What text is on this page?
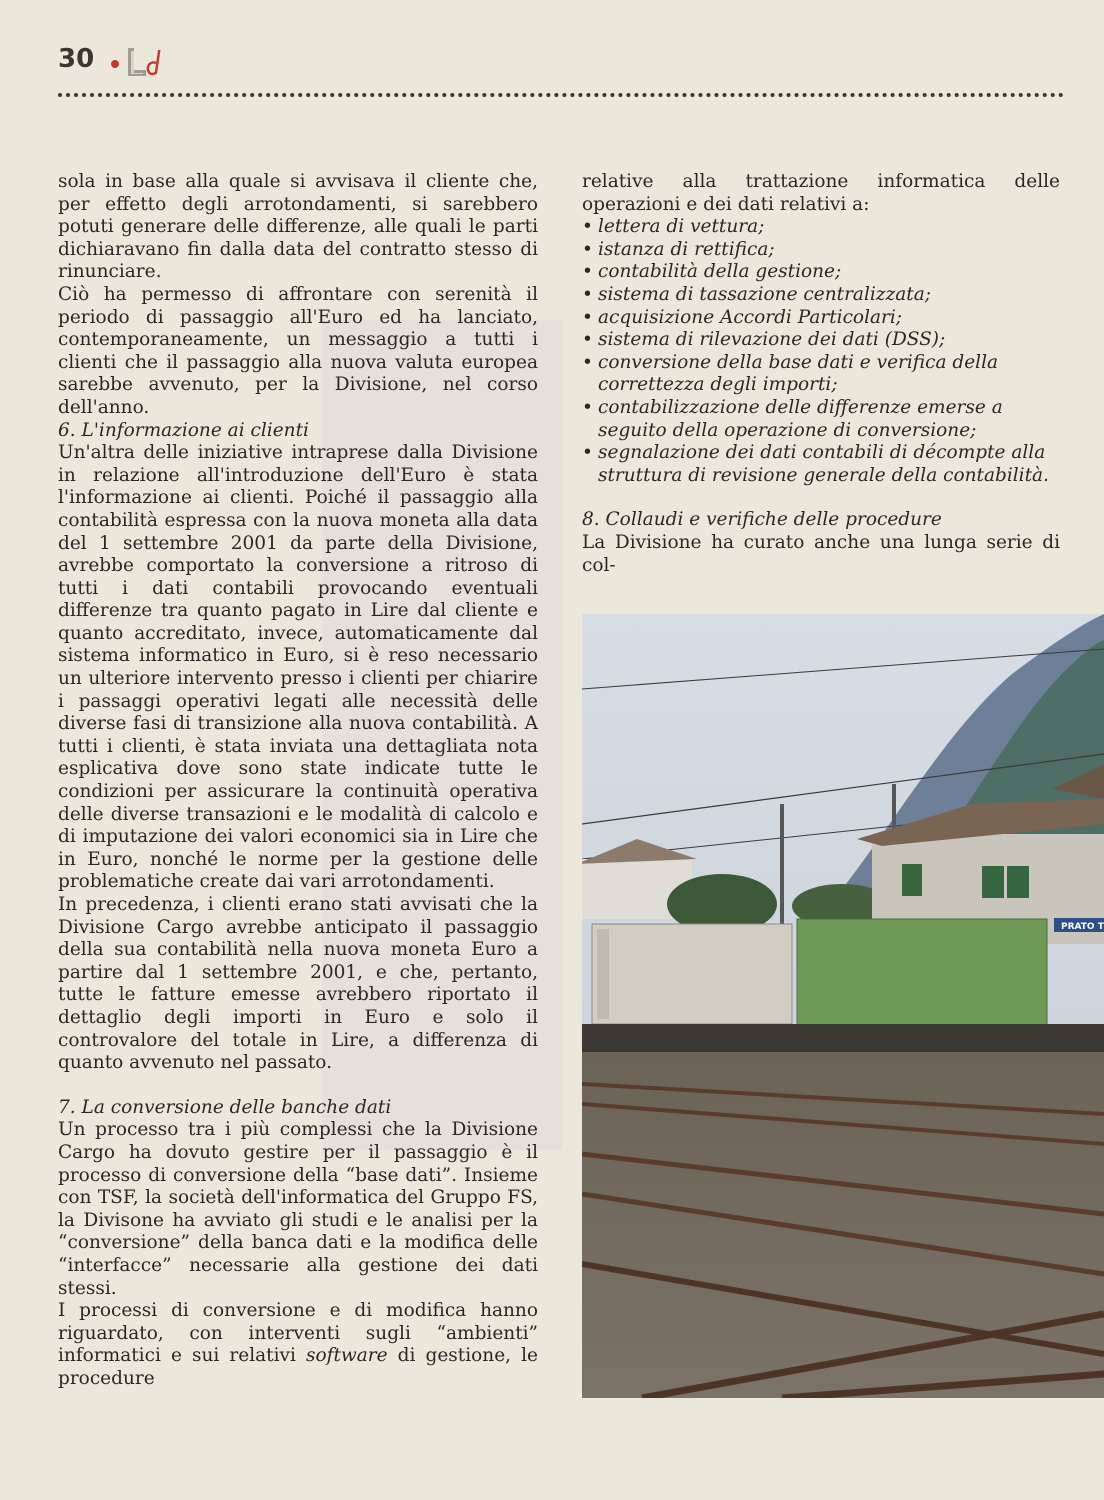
30

sola in base alla quale si avvisava il cliente che, per effetto degli arrotondamenti, si sarebbero potuti generare delle differenze, alle quali le parti dichiaravano fin dalla data del contratto stesso di rinunciare.

Ciò ha permesso di affrontare con serenità il periodo di passaggio all'Euro ed ha lanciato, contemporaneamente, un messaggio a tutti i clienti che il passaggio alla nuova valuta europea sarebbe avvenuto, per la Divisione, nel corso dell'anno.

6. L'informazione ai clienti

Un'altra delle iniziative intraprese dalla Divisione in relazione all'introduzione dell'Euro è stata l'informazione ai clienti. Poiché il passaggio alla contabilità espressa con la nuova moneta alla data del 1 settembre 2001 da parte della Divisione, avrebbe comportato la conversione a ritroso di tutti i dati contabili provocando eventuali differenze tra quanto pagato in Lire dal cliente e quanto accreditato, invece, automaticamente dal sistema informatico in Euro, si è reso necessario un ulteriore intervento presso i clienti per chiarire i passaggi operativi legati alle necessità delle diverse fasi di transizione alla nuova contabilità. A tutti i clienti, è stata inviata una dettagliata nota esplicativa dove sono state indicate tutte le condizioni per assicurare la continuità operativa delle diverse transazioni e le modalità di calcolo e di imputazione dei valori economici sia in Lire che in Euro, nonché le norme per la gestione delle problematiche create dai vari arrotondamenti.

In precedenza, i clienti erano stati avvisati che la Divisione Cargo avrebbe anticipato il passaggio della sua contabilità nella nuova moneta Euro a partire dal 1 settembre 2001, e che, pertanto, tutte le fatture emesse avrebbero riportato il dettaglio degli importi in Euro e solo il controvalore del totale in Lire, a differenza di quanto avvenuto nel passato.

7. La conversione delle banche dati

Un processo tra i più complessi che la Divisione Cargo ha dovuto gestire per il passaggio è il processo di conversione della “base dati”. Insieme con TSF, la società dell'informatica del Gruppo FS, la Divisone ha avviato gli studi e le analisi per la “conversione” della banca dati e la modifica delle “interfacce” necessarie alla gestione dei dati stessi.

I processi di conversione e di modifica hanno riguardato, con interventi sugli “ambienti” informatici e sui relativi software di gestione, le procedure

relative alla trattazione informatica delle operazioni e dei dati relativi a:

• lettera di vettura;
• istanza di rettifica;
• contabilità della gestione;
• sistema di tassazione centralizzata;
• acquisizione Accordi Particolari;
• sistema di rilevazione dei dati (DSS);
• conversione della base dati e verifica della correttezza degli importi;
• contabilizzazione delle differenze emerse a seguito della operazione di conversione;
• segnalazione dei dati contabili di décompte alla struttura di revisione generale della contabilità.
8. Collaudi e verifiche delle procedure

La Divisione ha curato anche una lunga serie di col-

PRATO T
